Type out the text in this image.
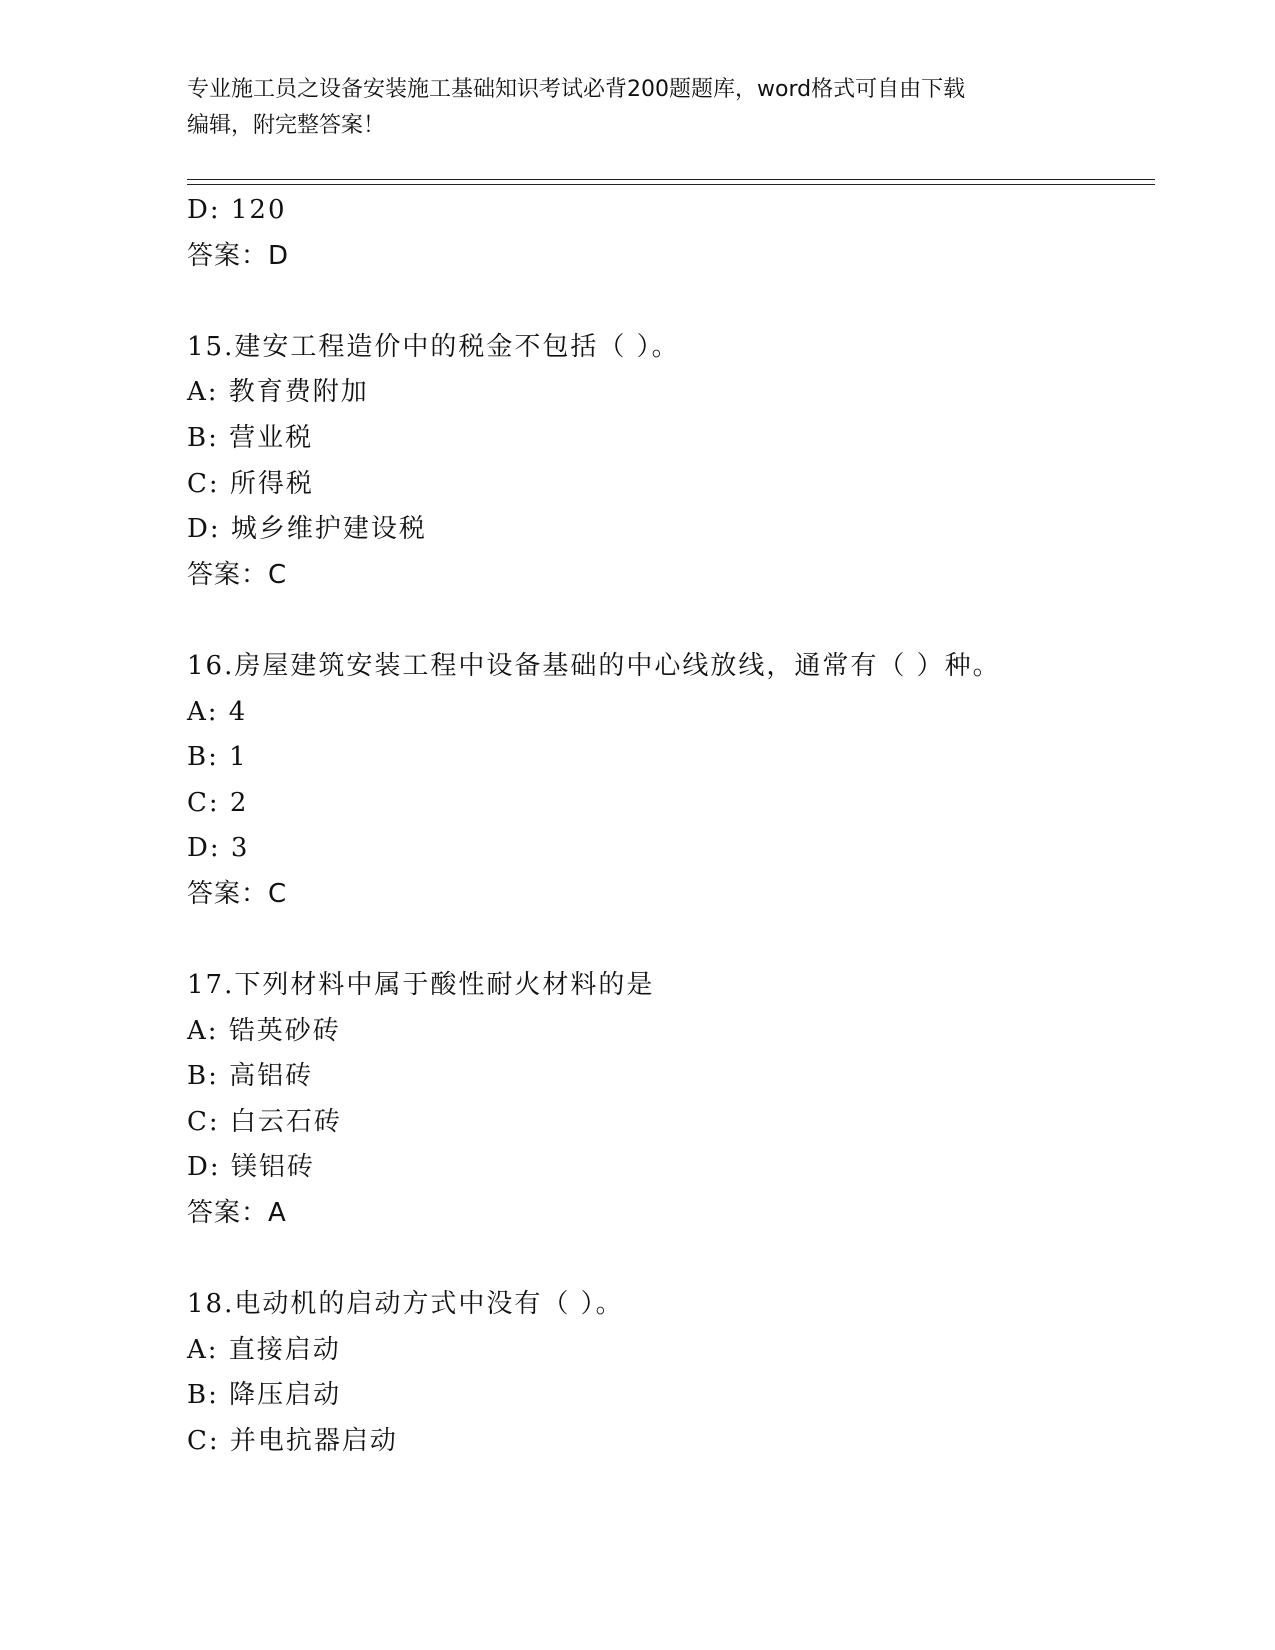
专业施工员之设备安装施工基础知识考试必背200题题库，word格式可自由下载
编辑，附完整答案！
D: 120
答案：D
15.建安工程造价中的税金不包括（ ）。
A: 教育费附加
B: 营业税
C: 所得税
D: 城乡维护建设税
答案：C
16.房屋建筑安装工程中设备基础的中心线放线，通常有（ ）种。
A: 4
B: 1
C: 2
D: 3
答案：C
17.下列材料中属于酸性耐火材料的是
A: 锆英砂砖
B: 高铝砖
C: 白云石砖
D: 镁铝砖
答案：A
18.电动机的启动方式中没有（ ）。
A: 直接启动
B: 降压启动
C: 并电抗器启动
